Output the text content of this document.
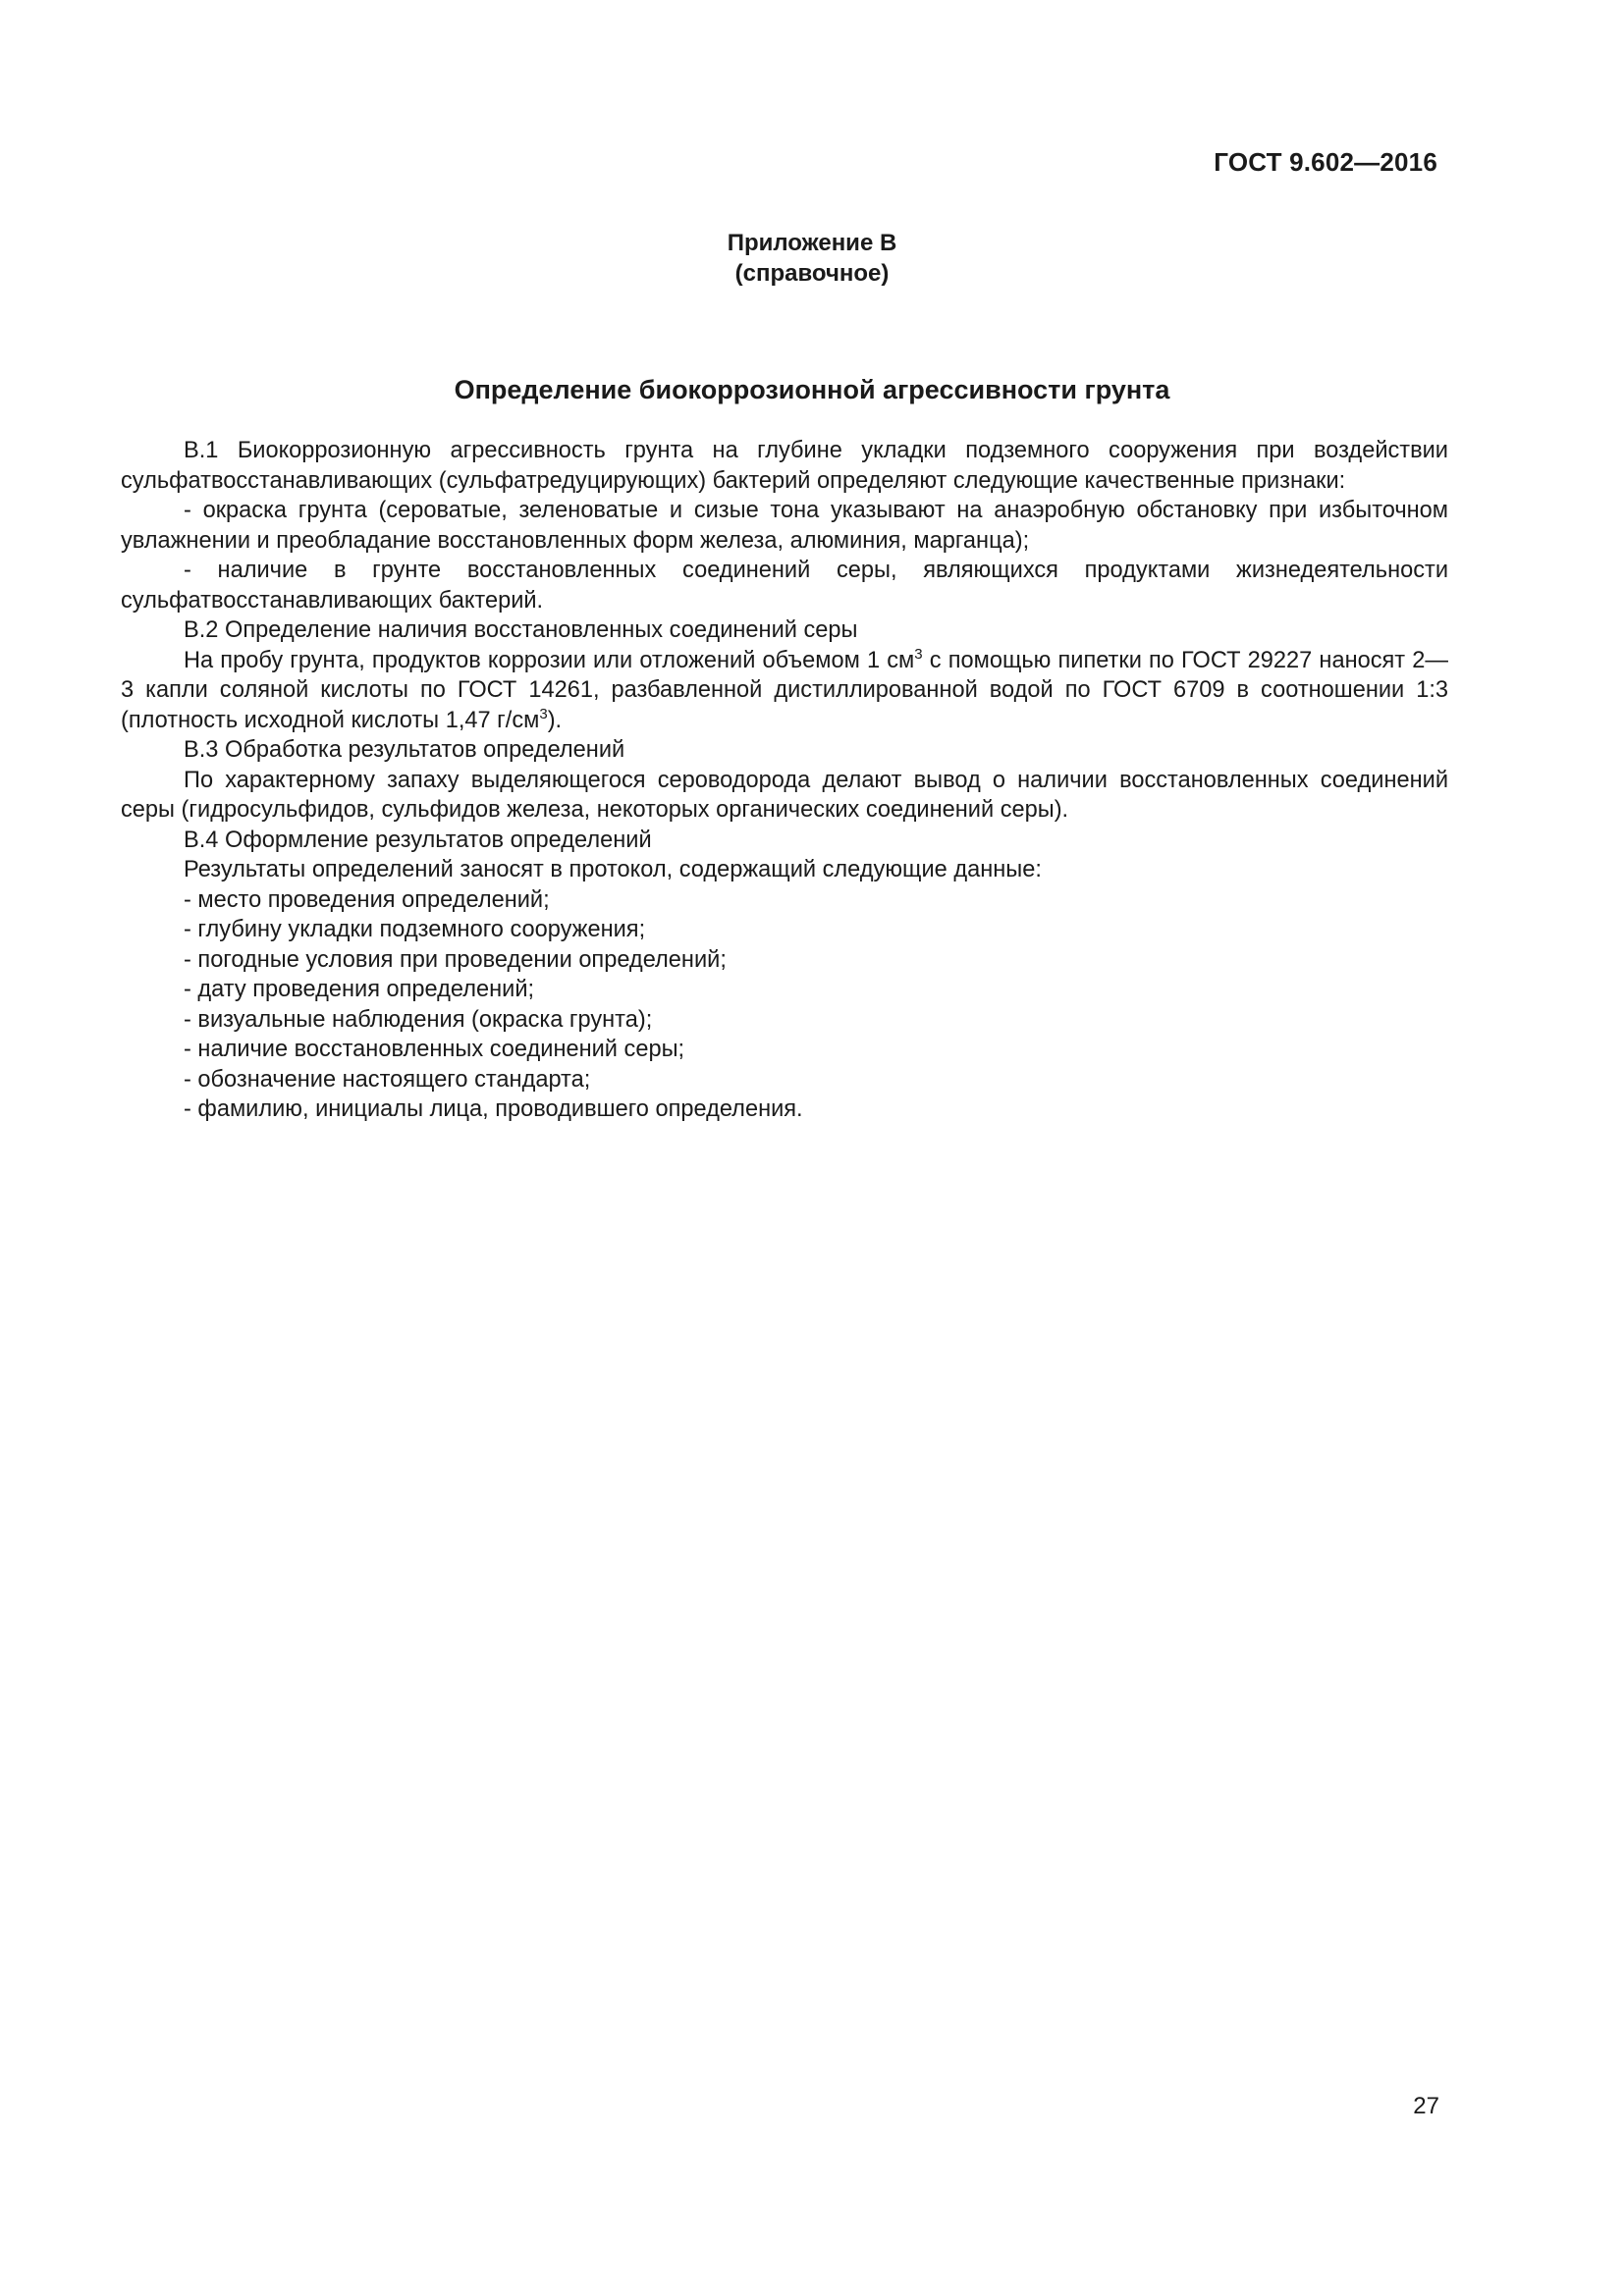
ГОСТ 9.602—2016
Приложение В
(справочное)
Определение биокоррозионной агрессивности грунта

В.1 Биокоррозионную агрессивность грунта на глубине укладки подземного сооружения при воздействии сульфатвосстанавливающих (сульфатредуцирующих) бактерий определяют следующие качественные признаки:

- окраска грунта (сероватые, зеленоватые и сизые тона указывают на анаэробную обстановку при избыточном увлажнении и преобладание восстановленных форм железа, алюминия, марганца);

- наличие в грунте восстановленных соединений серы, являющихся продуктами жизнедеятельности сульфатвосстанавливающих бактерий.

В.2 Определение наличия восстановленных соединений серы

На пробу грунта, продуктов коррозии или отложений объемом 1 $см^3$ с помощью пипетки по ГОСТ 29227 наносят 2—3 капли соляной кислоты по ГОСТ 14261, разбавленной дистиллированной водой по ГОСТ 6709 в соотношении 1:3 (плотность исходной кислоты 1,47 $г/см^3$).

В.3 Обработка результатов определений

По характерному запаху выделяющегося сероводорода делают вывод о наличии восстановленных соединений серы (гидросульфидов, сульфидов железа, некоторых органических соединений серы).

В.4 Оформление результатов определений

Результаты определений заносят в протокол, содержащий следующие данные:

- место проведения определений;

- глубину укладки подземного сооружения;

- погодные условия при проведении определений;

- дату проведения определений;

- визуальные наблюдения (окраска грунта);

- наличие восстановленных соединений серы;

- обозначение настоящего стандарта;

- фамилию, инициалы лица, проводившего определения.

27
